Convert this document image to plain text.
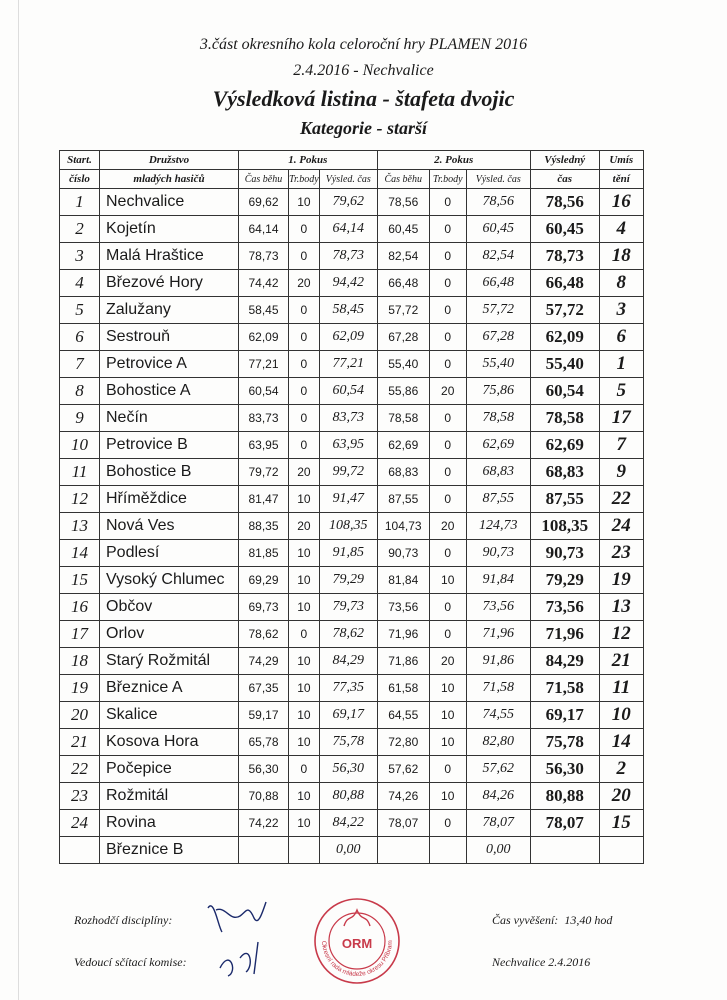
3.část okresního kola celoroční hry PLAMEN 2016
2.4.2016 - Nechvalice
Výsledková listina - štafeta dvojic
Kategorie - starší
Start.	Družstvo	1. Pokus			2. Pokus			Výsledný	Umís
číslo	mladých hasičů	Čas běhu	Tr.body	Výsled. čas	Čas běhu	Tr.body	Výsled. čas	čas	tění
1	Nechvalice	69,62	10	79,62	78,56	0	78,56	78,56	16
2	Kojetín	64,14	0	64,14	60,45	0	60,45	60,45	4
3	Malá Hraštice	78,73	0	78,73	82,54	0	82,54	78,73	18
4	Březové Hory	74,42	20	94,42	66,48	0	66,48	66,48	8
5	Zalužany	58,45	0	58,45	57,72	0	57,72	57,72	3
6	Sestrouň	62,09	0	62,09	67,28	0	67,28	62,09	6
7	Petrovice A	77,21	0	77,21	55,40	0	55,40	55,40	1
8	Bohostice A	60,54	0	60,54	55,86	20	75,86	60,54	5
9	Nečín	83,73	0	83,73	78,58	0	78,58	78,58	17
10	Petrovice B	63,95	0	63,95	62,69	0	62,69	62,69	7
11	Bohostice B	79,72	20	99,72	68,83	0	68,83	68,83	9
12	Hříměždice	81,47	10	91,47	87,55	0	87,55	87,55	22
13	Nová Ves	88,35	20	108,35	104,73	20	124,73	108,35	24
14	Podlesí	81,85	10	91,85	90,73	0	90,73	90,73	23
15	Vysoký Chlumec	69,29	10	79,29	81,84	10	91,84	79,29	19
16	Občov	69,73	10	79,73	73,56	0	73,56	73,56	13
17	Orlov	78,62	0	78,62	71,96	0	71,96	71,96	12
18	Starý Rožmitál	74,29	10	84,29	71,86	20	91,86	84,29	21
19	Březnice A	67,35	10	77,35	61,58	10	71,58	71,58	11
20	Skalice	59,17	10	69,17	64,55	10	74,55	69,17	10
21	Kosova Hora	65,78	10	75,78	72,80	10	82,80	75,78	14
22	Počepice	56,30	0	56,30	57,62	0	57,62	56,30	2
23	Rožmitál	70,88	10	80,88	74,26	10	84,26	80,88	20
24	Rovina	74,22	10	84,22	78,07	0	78,07	78,07	15
	Březnice B			0,00			0,00		
Rozhodčí disciplíny:
Vedoucí sčítací komise:
Čas vyvěšení: 13,40 hod
Nechvalice 2.4.2016
ORM
Okresní rada mládeže okresu Příbram
